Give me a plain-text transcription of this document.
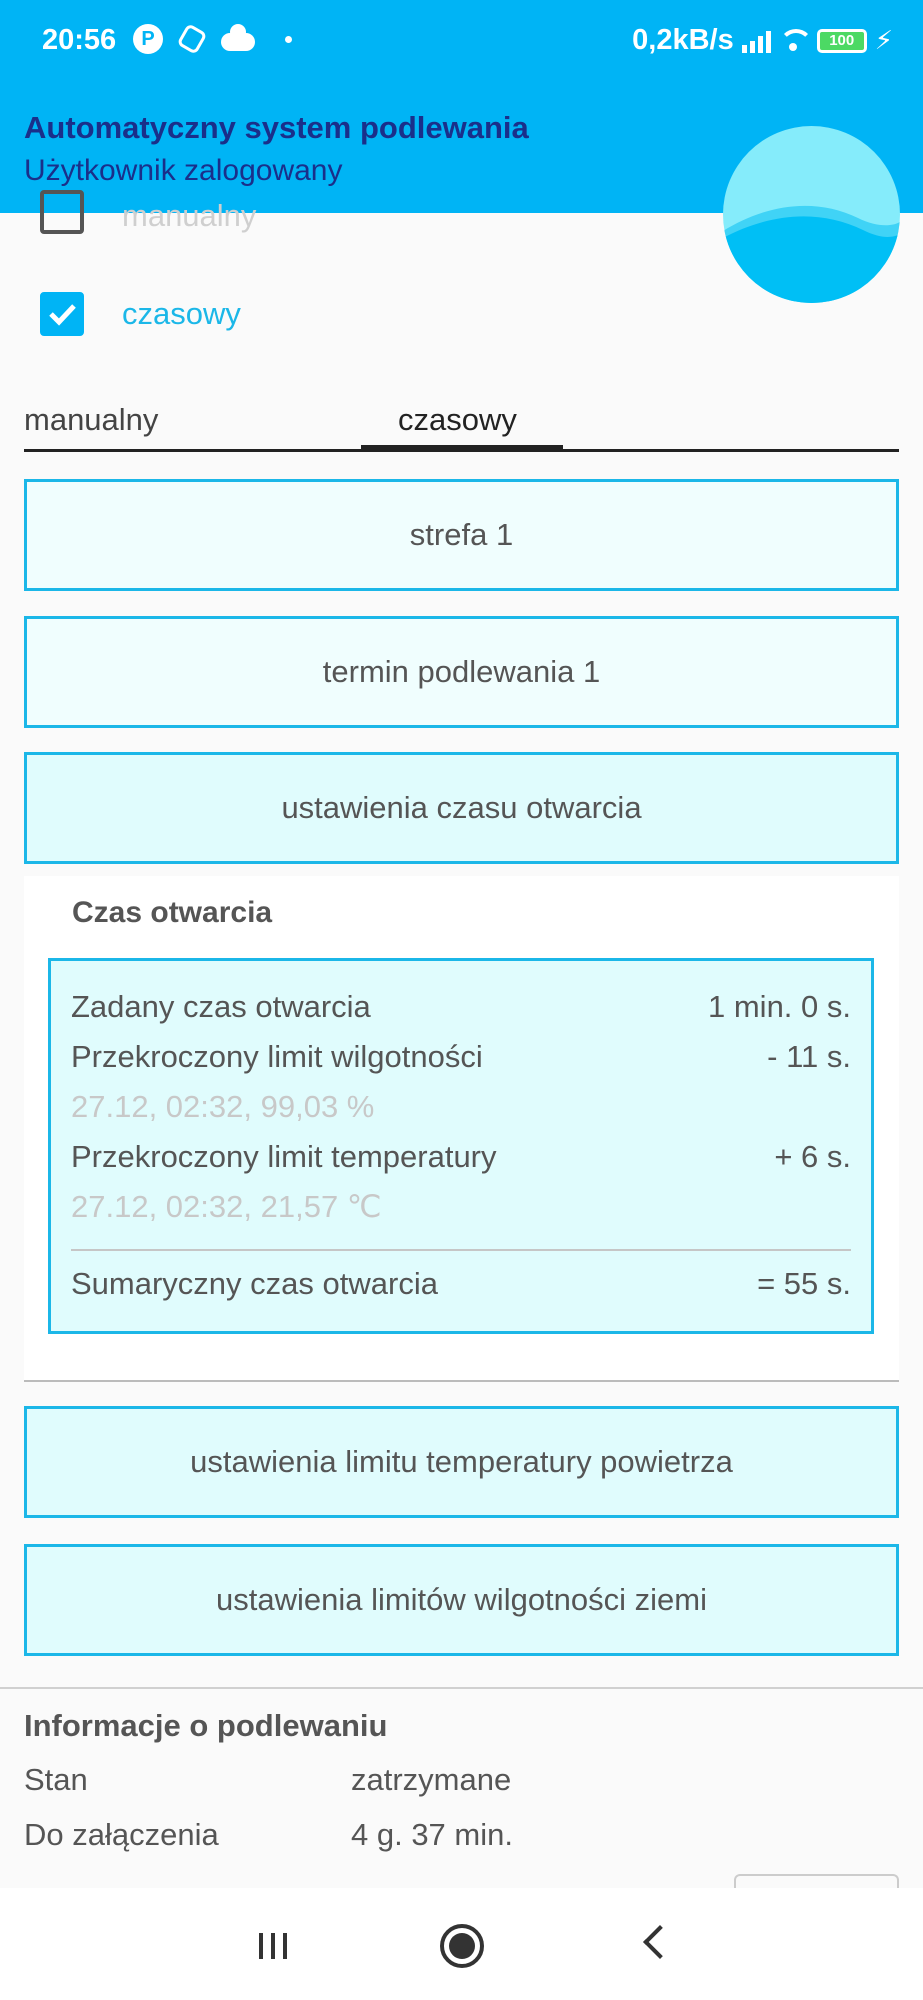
20:56	P	0,2kB/s	100 ⚡
Automatyczny system podlewania
Użytkownik zalogowany
manualny
czasowy
manualny	czasowy
strefa 1
termin podlewania 1
ustawienia czasu otwarcia
Czas otwarcia
Zadany czas otwarcia	1 min. 0 s.
Przekroczony limit wilgotności	- 11 s.
27.12, 02:32, 99,03 %
Przekroczony limit temperatury	+ 6 s.
27.12, 02:32, 21,57 ℃
Sumaryczny czas otwarcia	= 55 s.
ustawienia limitu temperatury powietrza
ustawienia limitów wilgotności ziemi
Informacje o podlewaniu
Stan	zatrzymane
Do załączenia	4 g. 37 min.
